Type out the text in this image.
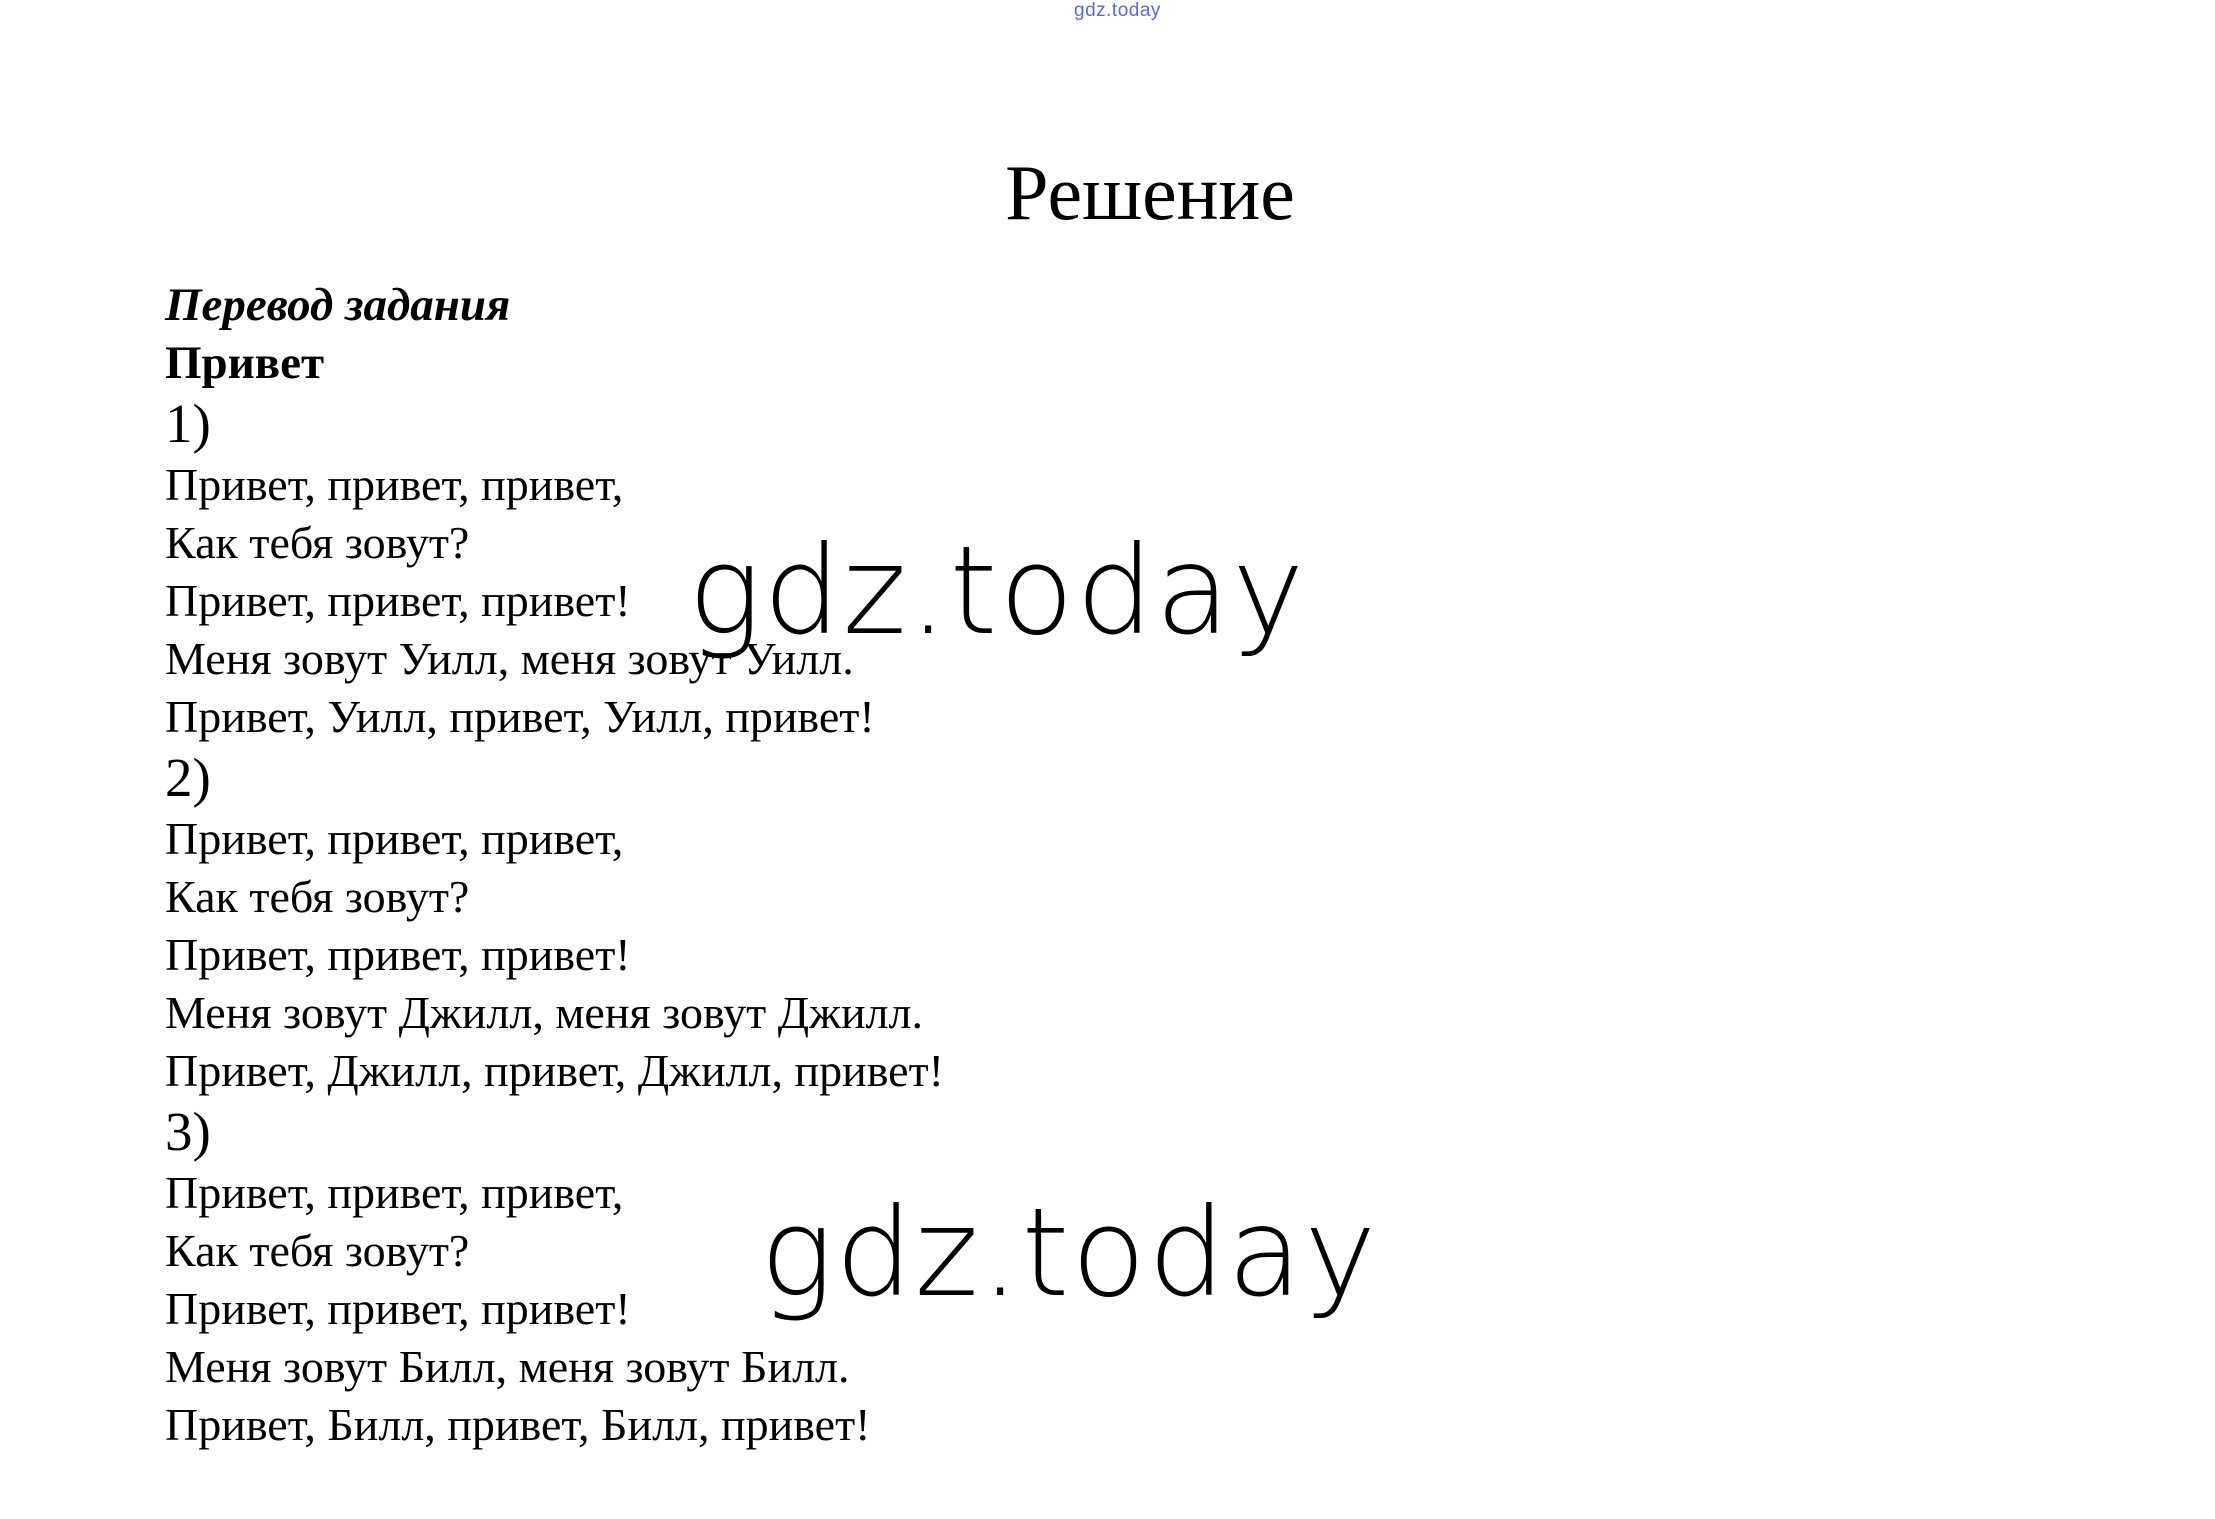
gdz.today
Решение
Перевод задания
Привет
1)
Привет, привет, привет,
Как тебя зовут?
Привет, привет, привет!
Меня зовут Уилл, меня зовут Уилл.
Привет, Уилл, привет, Уилл, привет!
2)
Привет, привет, привет,
Как тебя зовут?
Привет, привет, привет!
Меня зовут Джилл, меня зовут Джилл.
Привет, Джилл, привет, Джилл, привет!
3)
Привет, привет, привет,
Как тебя зовут?
Привет, привет, привет!
Меня зовут Билл, меня зовут Билл.
Привет, Билл, привет, Билл, привет!
gdz.today
gdz.today
